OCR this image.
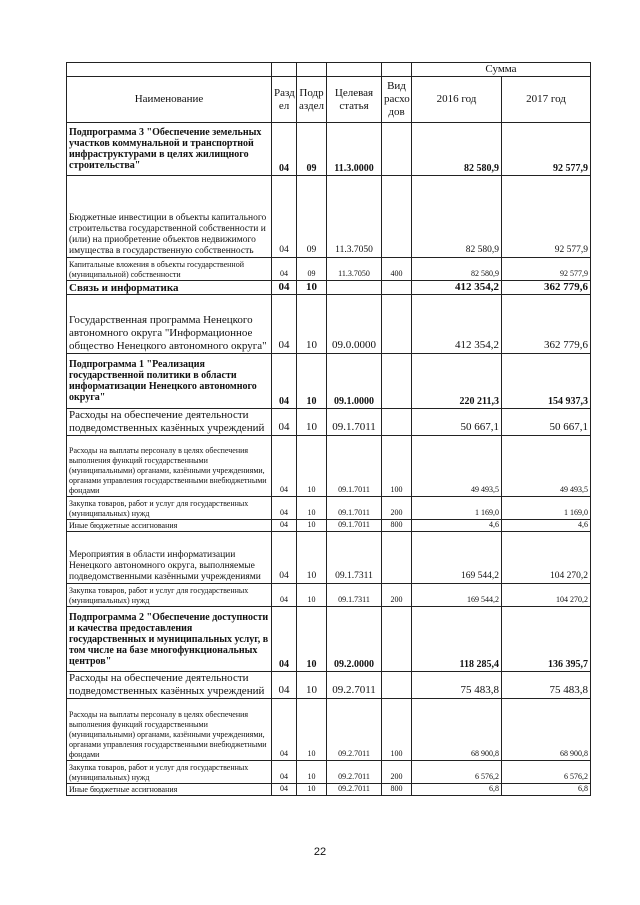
					Сумма	
Наименование	Разд ел	Подр аздел	Целевая статья	Вид расхо дов	2016 год	2017 год
Подпрограмма 3 "Обеспечение земельных участков коммунальной и транспортной инфраструктурами в целях жилищного строительства"	04	09	11.3.0000		82 580,9	92 577,9
Бюджетные инвестиции в объекты капитального строительства государственной собственности и (или) на приобретение объектов недвижимого имущества в государственную собственность	04	09	11.3.7050		82 580,9	92 577,9
Капитальные вложения в объекты государственной (муниципальной) собственности	04	09	11.3.7050	400	82 580,9	92 577,9
Связь и информатика	04	10			412 354,2	362 779,6
Государственная программа Ненецкого автономного округа "Информационное общество Ненецкого автономного округа"	04	10	09.0.0000		412 354,2	362 779,6
Подпрограмма 1 "Реализация государственной политики в области информатизации Ненецкого автономного округа"	04	10	09.1.0000		220 211,3	154 937,3
Расходы на обеспечение деятельности подведомственных казённых учреждений	04	10	09.1.7011		50 667,1	50 667,1
Расходы на выплаты персоналу в целях обеспечения выполнения функций государственными (муниципальными) органами, казёнными учреждениями, органами управления государственными внебюджетными фондами	04	10	09.1.7011	100	49 493,5	49 493,5
Закупка товаров, работ и услуг для государственных (муниципальных) нужд	04	10	09.1.7011	200	1 169,0	1 169,0
Иные бюджетные ассигнования	04	10	09.1.7011	800	4,6	4,6
Мероприятия в области информатизации Ненецкого автономного округа, выполняемые подведомственными казёнными учреждениями	04	10	09.1.7311		169 544,2	104 270,2
Закупка товаров, работ и услуг для государственных (муниципальных) нужд	04	10	09.1.7311	200	169 544,2	104 270,2
Подпрограмма 2 "Обеспечение доступности и качества предоставления государственных и муниципальных услуг, в том числе на базе многофункциональных центров"	04	10	09.2.0000		118 285,4	136 395,7
Расходы на обеспечение деятельности подведомственных казённых учреждений	04	10	09.2.7011		75 483,8	75 483,8
Расходы на выплаты персоналу в целях обеспечения выполнения функций государственными (муниципальными) органами, казёнными учреждениями, органами управления государственными внебюджетными фондами	04	10	09.2.7011	100	68 900,8	68 900,8
Закупка товаров, работ и услуг для государственных (муниципальных) нужд	04	10	09.2.7011	200	6 576,2	6 576,2
Иные бюджетные ассигнования	04	10	09.2.7011	800	6,8	6,8
22
